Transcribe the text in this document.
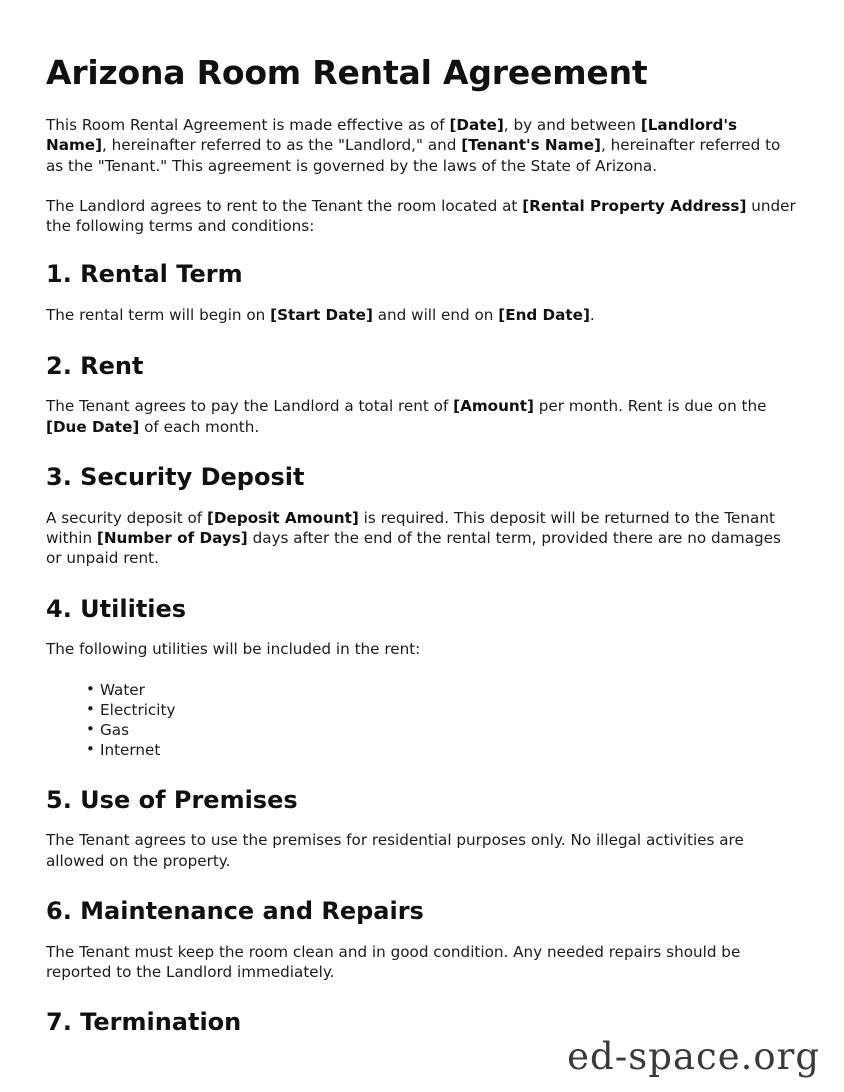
Arizona Room Rental Agreement

This Room Rental Agreement is made effective as of [Date], by and between [Landlord's Name], hereinafter referred to as the "Landlord," and [Tenant's Name], hereinafter referred to as the "Tenant." This agreement is governed by the laws of the State of Arizona.

The Landlord agrees to rent to the Tenant the room located at [Rental Property Address] under the following terms and conditions:

1. Rental Term

The rental term will begin on [Start Date] and will end on [End Date].

2. Rent

The Tenant agrees to pay the Landlord a total rent of [Amount] per month. Rent is due on the [Due Date] of each month.

3. Security Deposit

A security deposit of [Deposit Amount] is required. This deposit will be returned to the Tenant within [Number of Days] days after the end of the rental term, provided there are no damages or unpaid rent.

4. Utilities

The following utilities will be included in the rent:

• Water
• Electricity
• Gas
• Internet
5. Use of Premises

The Tenant agrees to use the premises for residential purposes only. No illegal activities are allowed on the property.

6. Maintenance and Repairs

The Tenant must keep the room clean and in good condition. Any needed repairs should be reported to the Landlord immediately.

7. Termination
ed-space.org
